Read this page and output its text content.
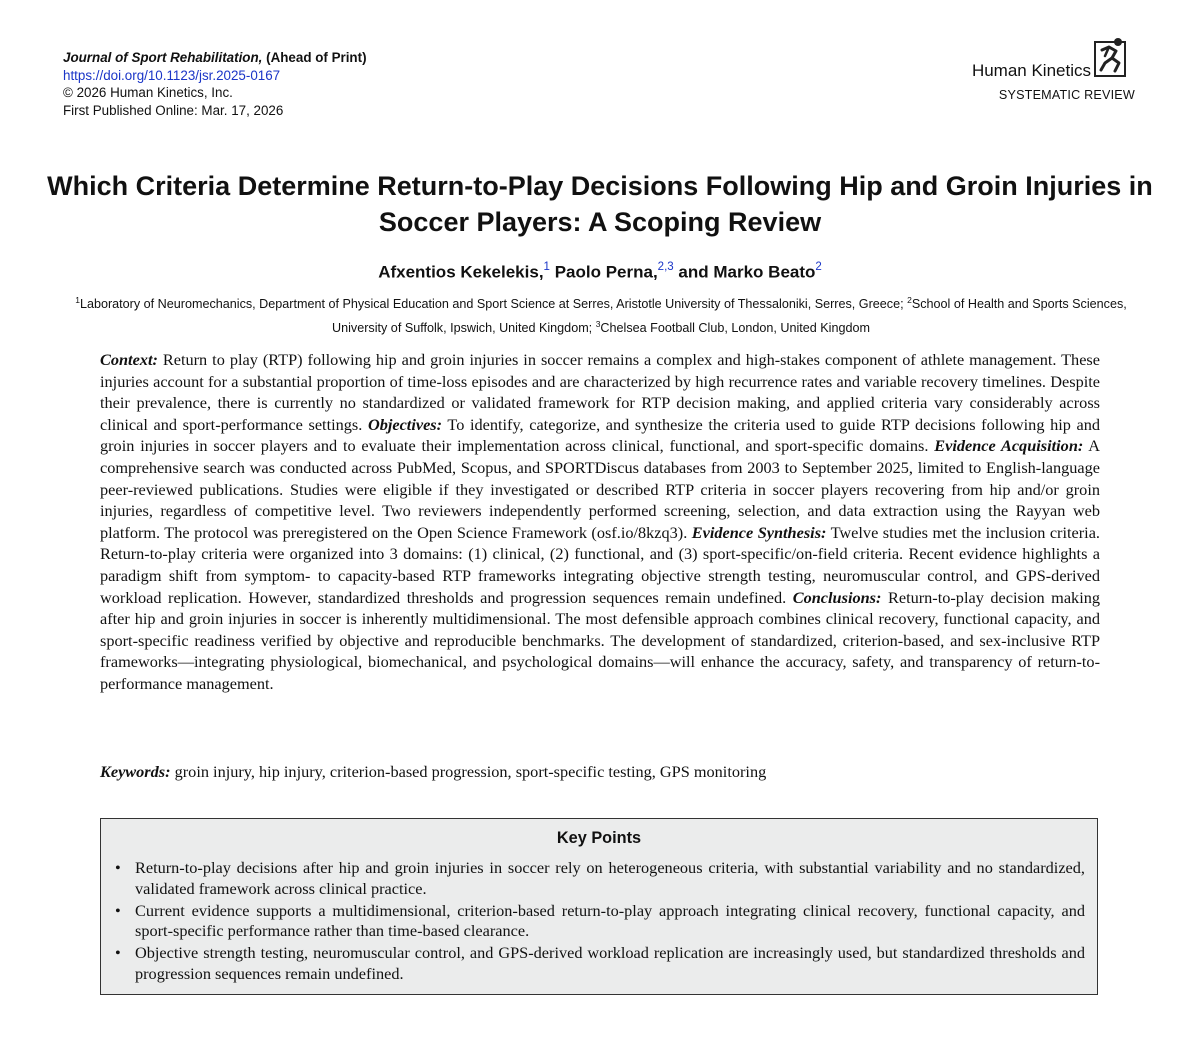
Journal of Sport Rehabilitation, (Ahead of Print)
https://doi.org/10.1123/jsr.2025-0167
© 2026 Human Kinetics, Inc.
First Published Online: Mar. 17, 2026
Human Kinetics
SYSTEMATIC REVIEW
Which Criteria Determine Return-to-Play Decisions Following Hip and Groin Injuries in Soccer Players: A Scoping Review
Afxentios Kekelekis,$^1$ Paolo Perna,$^{2,3}$ and Marko Beato$^2$
$^1$Laboratory of Neuromechanics, Department of Physical Education and Sport Science at Serres, Aristotle University of Thessaloniki, Serres, Greece; $^2$School of Health and Sports Sciences, University of Suffolk, Ipswich, United Kingdom; $^3$Chelsea Football Club, London, United Kingdom

Context: Return to play (RTP) following hip and groin injuries in soccer remains a complex and high-stakes component of athlete management. These injuries account for a substantial proportion of time-loss episodes and are characterized by high recurrence rates and variable recovery timelines. Despite their prevalence, there is currently no standardized or validated framework for RTP decision making, and applied criteria vary considerably across clinical and sport-performance settings. Objectives: To identify, categorize, and synthesize the criteria used to guide RTP decisions following hip and groin injuries in soccer players and to evaluate their implementation across clinical, functional, and sport-specific domains. Evidence Acquisition: A comprehensive search was conducted across PubMed, Scopus, and SPORTDiscus databases from 2003 to September 2025, limited to English-language peer-reviewed publications. Studies were eligible if they investigated or described RTP criteria in soccer players recovering from hip and/or groin injuries, regardless of competitive level. Two reviewers independently performed screening, selection, and data extraction using the Rayyan web platform. The protocol was preregistered on the Open Science Framework (osf.io/8kzq3). Evidence Synthesis: Twelve studies met the inclusion criteria. Return-to-play criteria were organized into 3 domains: (1) clinical, (2) functional, and (3) sport-specific/on-field criteria. Recent evidence highlights a paradigm shift from symptom- to capacity-based RTP frameworks integrating objective strength testing, neuromuscular control, and GPS-derived workload replication. However, standardized thresholds and progression sequences remain undefined. Conclusions: Return-to-play decision making after hip and groin injuries in soccer is inherently multidimensional. The most defensible approach combines clinical recovery, functional capacity, and sport-specific readiness verified by objective and reproducible benchmarks. The development of standardized, criterion-based, and sex-inclusive RTP frameworks—integrating physiological, biomechanical, and psychological domains—will enhance the accuracy, safety, and transparency of return-to-performance management.

Keywords: groin injury, hip injury, criterion-based progression, sport-specific testing, GPS monitoring

Key Points
• Return-to-play decisions after hip and groin injuries in soccer rely on heterogeneous criteria, with substantial variability and no standardized, validated framework across clinical practice.
• Current evidence supports a multidimensional, criterion-based return-to-play approach integrating clinical recovery, functional capacity, and sport-specific performance rather than time-based clearance.
• Objective strength testing, neuromuscular control, and GPS-derived workload replication are increasingly used, but standardized thresholds and progression sequences remain undefined.
